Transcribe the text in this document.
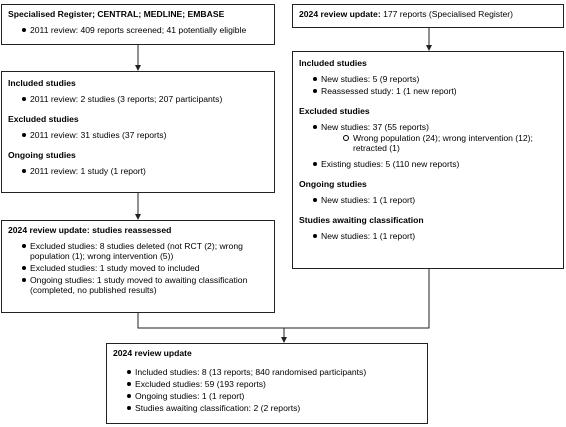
Specialised Register; CENTRAL; MEDLINE; EMBASE
2011 review: 409 reports screened; 41 potentially eligible
2024 review update: 177 reports (Specialised Register)
Included studies
2011 review: 2 studies (3 reports; 207 participants)
Excluded studies
2011 review: 31 studies (37 reports)
Ongoing studies
2011 review: 1 study (1 report)
2024 review update: studies reassessed
Excluded studies: 8 studies deleted (not RCT (2); wrong population (1); wrong intervention (5))
Excluded studies: 1 study moved to included
Ongoing studies: 1 study moved to awaiting classification (completed, no published results)
Included studies
New studies: 5 (9 reports)
Reassessed study: 1 (1 new report)
Excluded studies
New studies: 37 (55 reports)
Wrong population (24); wrong intervention (12); retracted (1)
Existing studies: 5 (110 new reports)
Ongoing studies
New studies: 1 (1 report)
Studies awaiting classification
New studies: 1 (1 report)
2024 review update
Included studies: 8 (13 reports; 840 randomised participants)
Excluded studies: 59 (193 reports)
Ongoing studies: 1 (1 report)
Studies awaiting classification: 2 (2 reports)
